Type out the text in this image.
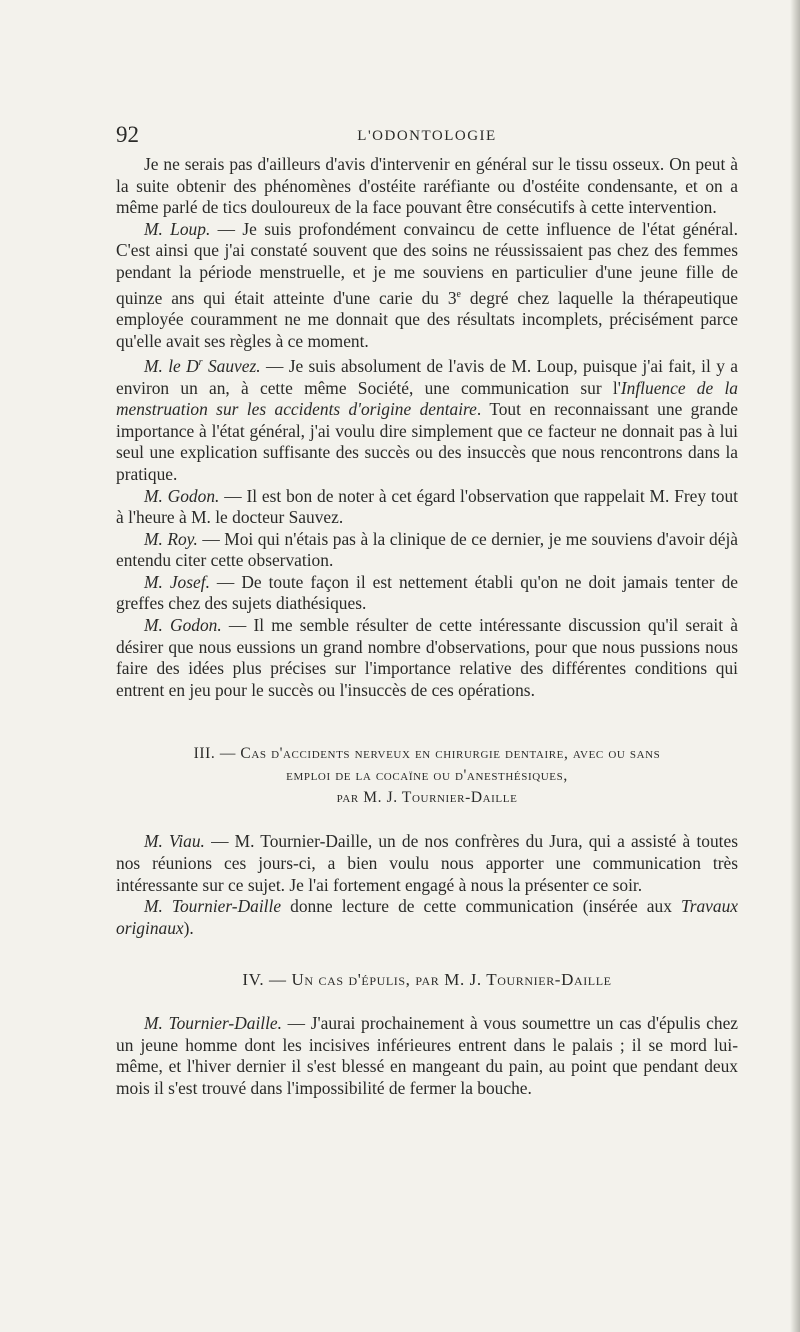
92	L'ODONTOLOGIE

Je ne serais pas d'ailleurs d'avis d'intervenir en général sur le tissu osseux. On peut à la suite obtenir des phénomènes d'ostéite raréfiante ou d'ostéite condensante, et on a même parlé de tics douloureux de la face pouvant être consécutifs à cette intervention.

M. Loup. — Je suis profondément convaincu de cette influence de l'état général. C'est ainsi que j'ai constaté souvent que des soins ne réussissaient pas chez des femmes pendant la période menstruelle, et je me souviens en particulier d'une jeune fille de quinze ans qui était atteinte d'une carie du 3e degré chez laquelle la thérapeutique employée couramment ne me donnait que des résultats incomplets, précisément parce qu'elle avait ses règles à ce moment.

M. le $D^r$ Sauvez. — Je suis absolument de l'avis de M. Loup, puisque j'ai fait, il y a environ un an, à cette même Société, une communication sur l'Influence de la menstruation sur les accidents d'origine dentaire. Tout en reconnaissant une grande importance à l'état général, j'ai voulu dire simplement que ce facteur ne donnait pas à lui seul une explication suffisante des succès ou des insuccès que nous rencontrons dans la pratique.

M. Godon. — Il est bon de noter à cet égard l'observation que rappelait M. Frey tout à l'heure à M. le docteur Sauvez.

M. Roy. — Moi qui n'étais pas à la clinique de ce dernier, je me souviens d'avoir déjà entendu citer cette observation.

M. Josef. — De toute façon il est nettement établi qu'on ne doit jamais tenter de greffes chez des sujets diathésiques.

M. Godon. — Il me semble résulter de cette intéressante discussion qu'il serait à désirer que nous eussions un grand nombre d'observations, pour que nous pussions nous faire des idées plus précises sur l'importance relative des différentes conditions qui entrent en jeu pour le succès ou l'insuccès de ces opérations.

III. — Cas d'accidents nerveux en chirurgie dentaire, avec ou sans
emploi de la cocaïne ou d'anesthésiques,
par M. J. Tournier-Daille

M. Viau. — M. Tournier-Daille, un de nos confrères du Jura, qui a assisté à toutes nos réunions ces jours-ci, a bien voulu nous apporter une communication très intéressante sur ce sujet. Je l'ai fortement engagé à nous la présenter ce soir.

M. Tournier-Daille donne lecture de cette communication (insérée aux Travaux originaux).

IV. — Un cas d'épulis, par M. J. Tournier-Daille

M. Tournier-Daille. — J'aurai prochainement à vous soumettre un cas d'épulis chez un jeune homme dont les incisives inférieures entrent dans le palais ; il se mord lui-même, et l'hiver dernier il s'est blessé en mangeant du pain, au point que pendant deux mois il s'est trouvé dans l'impossibilité de fermer la bouche.
